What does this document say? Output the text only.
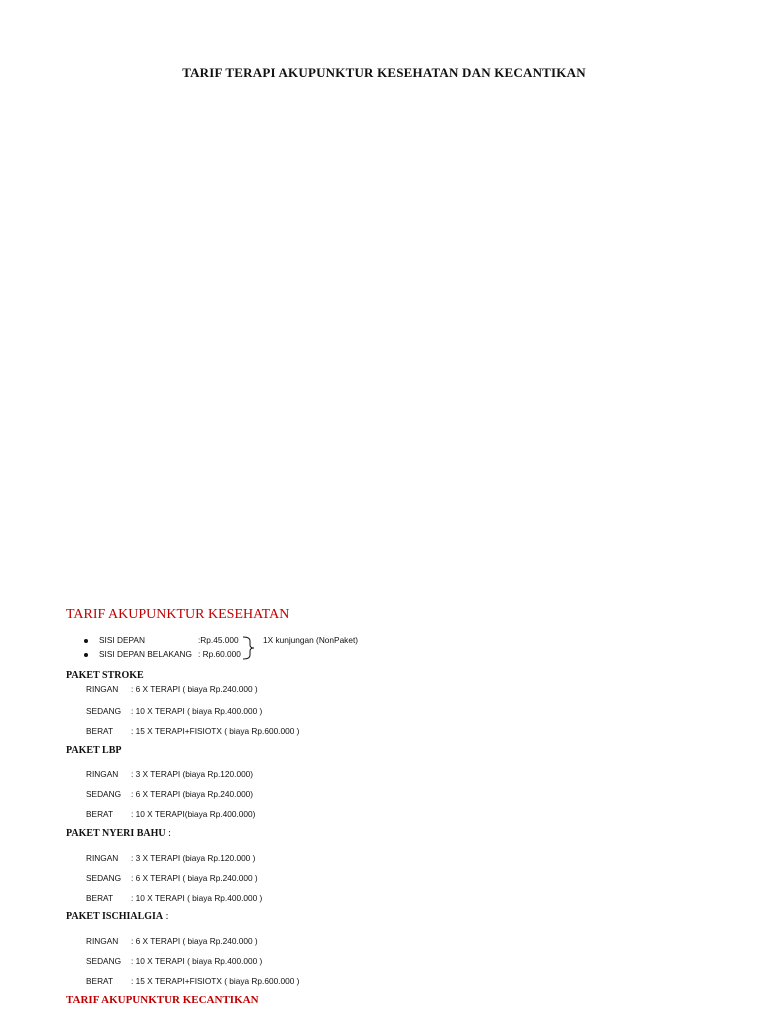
TARIF TERAPI AKUPUNKTUR KESEHATAN DAN KECANTIKAN
TARIF AKUPUNKTUR KESEHATAN
SISI DEPAN	:Rp.45.000
SISI DEPAN BELAKANG : Rp.60.000
1X kunjungan (NonPaket)
PAKET STROKE
RINGAN : 6 X TERAPI ( biaya Rp.240.000 )
SEDANG : 10 X TERAPI ( biaya Rp.400.000 )
BERAT : 15 X TERAPI+FISIOTX ( biaya Rp.600.000 )
PAKET LBP
RINGAN : 3 X TERAPI (biaya Rp.120.000)
SEDANG : 6 X TERAPI (biaya Rp.240.000)
BERAT : 10 X TERAPI(biaya Rp.400.000)
PAKET NYERI BAHU :
RINGAN : 3 X TERAPI (biaya Rp.120.000 )
SEDANG : 6 X TERAPI ( biaya Rp.240.000 )
BERAT : 10 X TERAPI ( biaya Rp.400.000 )
PAKET ISCHIALGIA :
RINGAN : 6 X TERAPI ( biaya Rp.240.000 )
SEDANG : 10 X TERAPI ( biaya Rp.400.000 )
BERAT : 15 X TERAPI+FISIOTX ( biaya Rp.600.000 )
TARIF AKUPUNKTUR KECANTIKAN
